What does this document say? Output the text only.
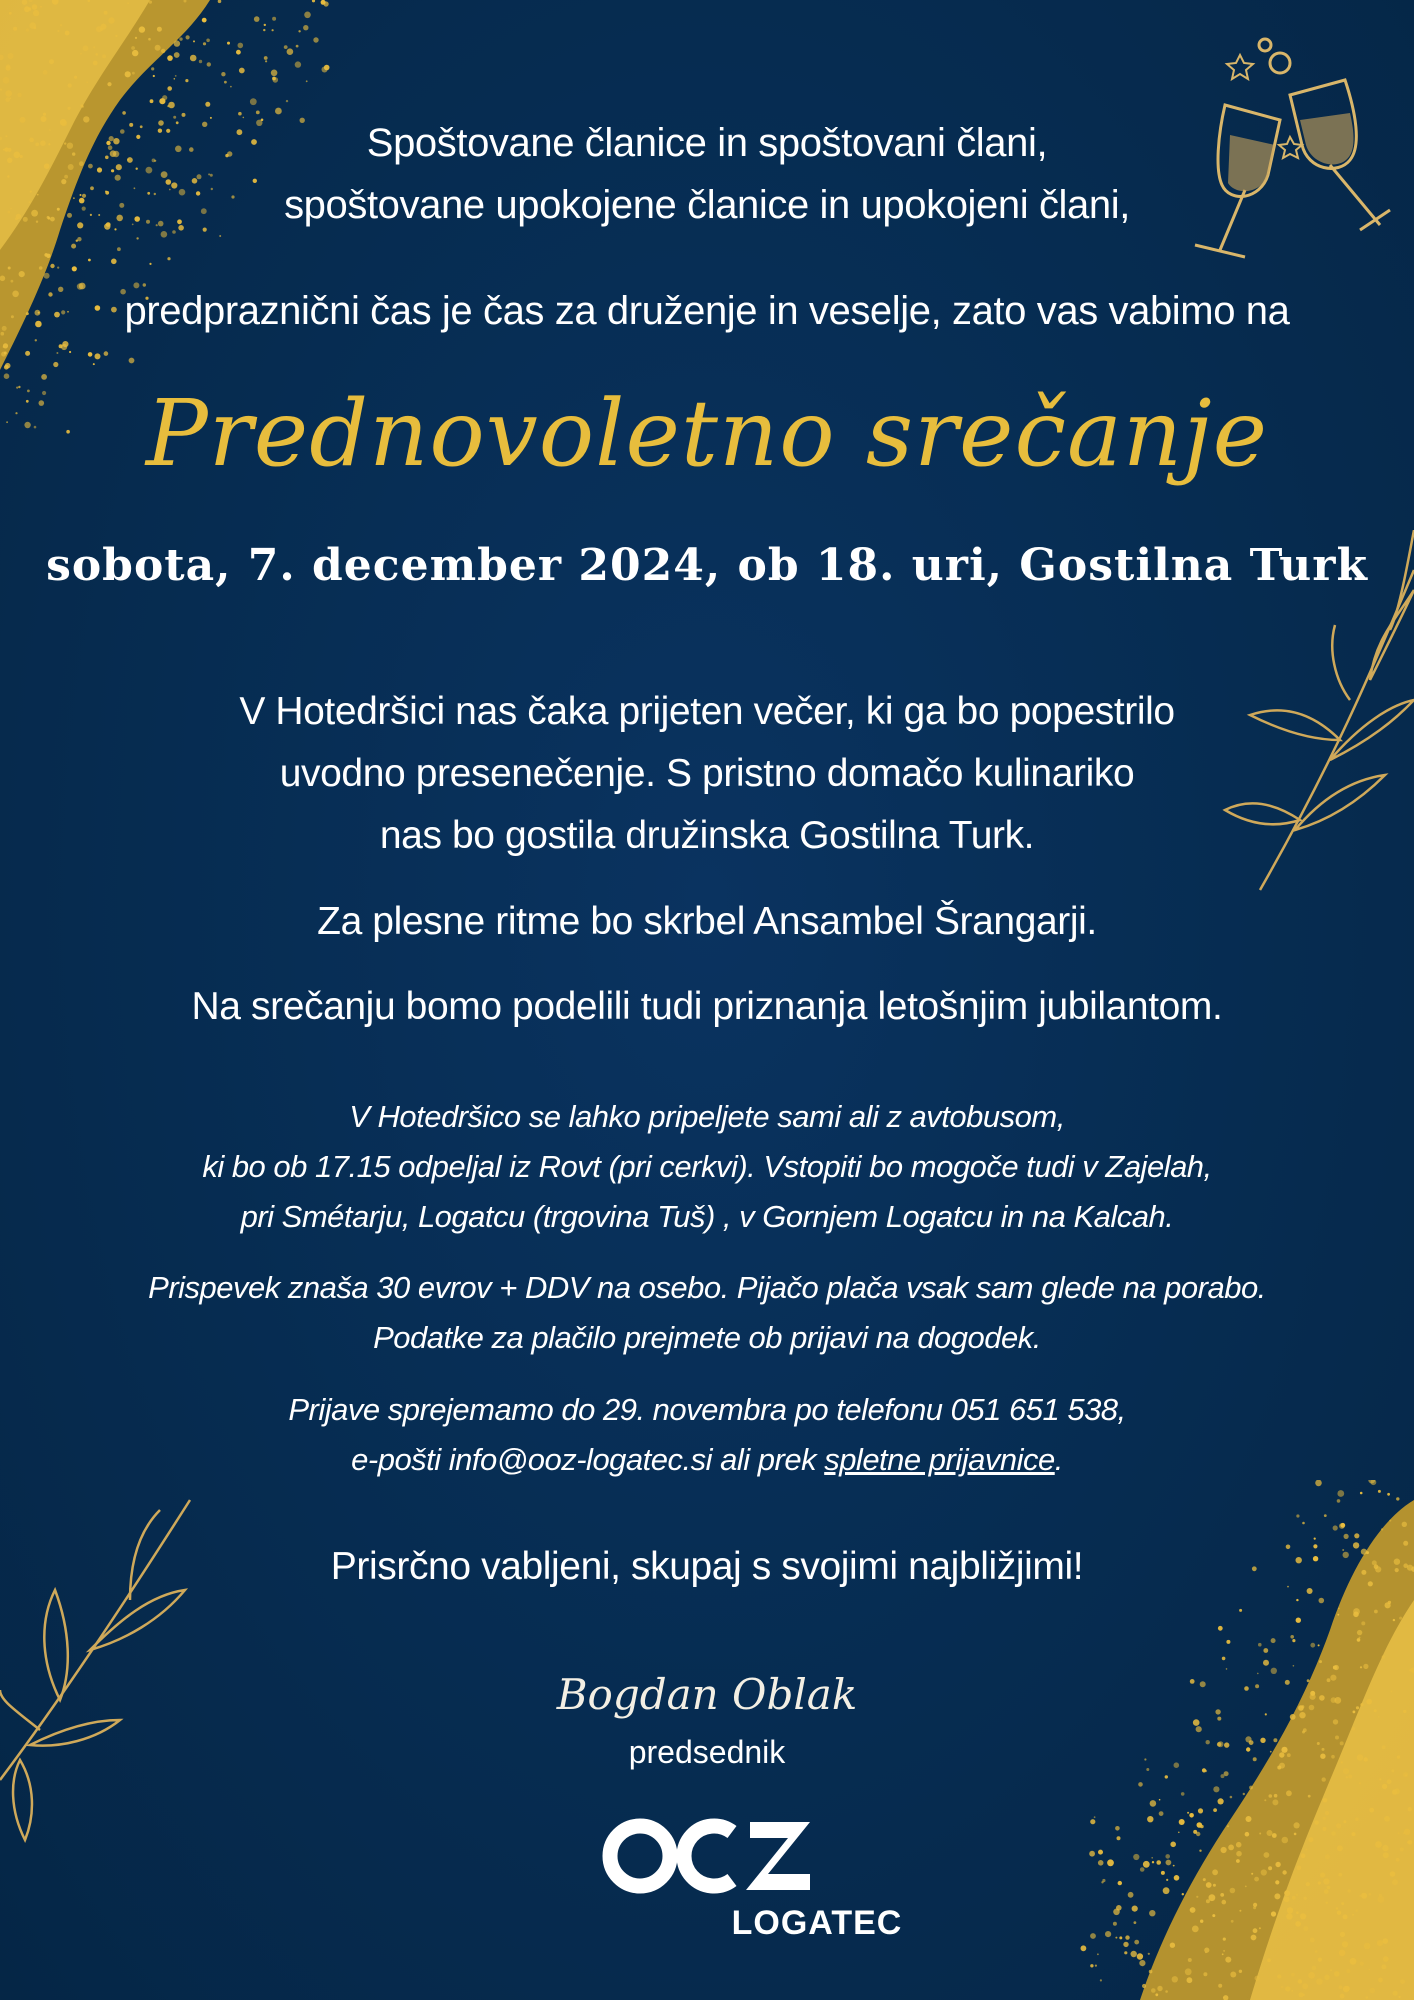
Spoštovane članice in spoštovani člani,

spoštovane upokojene članice in upokojeni člani,

predpraznični čas je čas za druženje in veselje, zato vas vabimo na

Prednovoletno srečanje

sobota, 7. december 2024, ob 18. uri, Gostilna Turk

V Hotedršici nas čaka prijeten večer, ki ga bo popestrilo

uvodno presenečenje. S pristno domačo kulinariko

nas bo gostila družinska Gostilna Turk.

Za plesne ritme bo skrbel Ansambel Šrangarji.

Na srečanju bomo podelili tudi priznanja letošnjim jubilantom.

V Hotedršico se lahko pripeljete sami ali z avtobusom,

ki bo ob 17.15 odpeljal iz Rovt (pri cerkvi). Vstopiti bo mogoče tudi v Zajelah,

pri Smétarju, Logatcu (trgovina Tuš) , v Gornjem Logatcu in na Kalcah.

Prispevek znaša 30 evrov + DDV na osebo. Pijačo plača vsak sam glede na porabo.

Podatke za plačilo prejmete ob prijavi na dogodek.

Prijave sprejemamo do 29. novembra po telefonu 051 651 538,

e-pošti info@ooz-logatec.si ali prek spletne prijavnice.

Prisrčno vabljeni, skupaj s svojimi najbližjimi!

Bogdan Oblak

predsednik

LOGATEC
